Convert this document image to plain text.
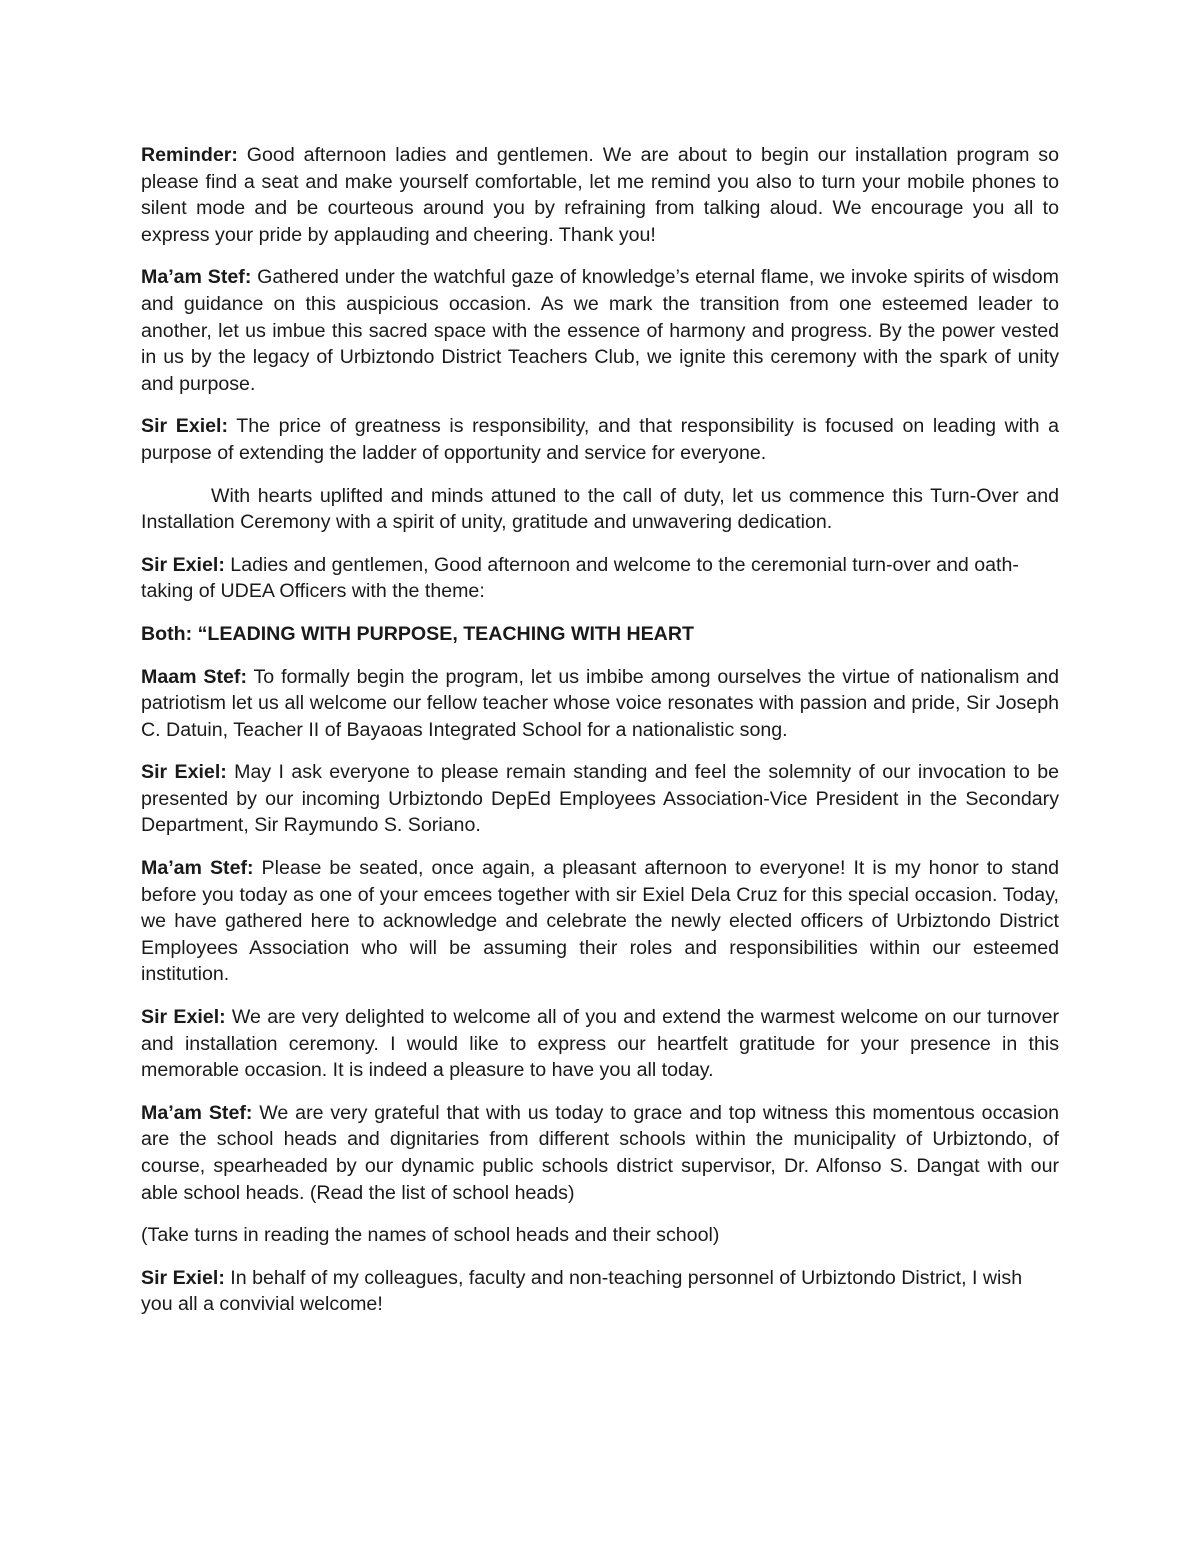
Reminder: Good afternoon ladies and gentlemen. We are about to begin our installation program so please find a seat and make yourself comfortable, let me remind you also to turn your mobile phones to silent mode and be courteous around you by refraining from talking aloud. We encourage you all to express your pride by applauding and cheering. Thank you!

Ma’am Stef: Gathered under the watchful gaze of knowledge’s eternal flame, we invoke spirits of wisdom and guidance on this auspicious occasion. As we mark the transition from one esteemed leader to another, let us imbue this sacred space with the essence of harmony and progress. By the power vested in us by the legacy of Urbiztondo District Teachers Club, we ignite this ceremony with the spark of unity and purpose.

Sir Exiel: The price of greatness is responsibility, and that responsibility is focused on leading with a purpose of extending the ladder of opportunity and service for everyone.

With hearts uplifted and minds attuned to the call of duty, let us commence this Turn-Over and Installation Ceremony with a spirit of unity, gratitude and unwavering dedication.

Sir Exiel: Ladies and gentlemen, Good afternoon and welcome to the ceremonial turn-over and oath-taking of UDEA Officers with the theme:

Both: “LEADING WITH PURPOSE, TEACHING WITH HEART

Maam Stef: To formally begin the program, let us imbibe among ourselves the virtue of nationalism and patriotism let us all welcome our fellow teacher whose voice resonates with passion and pride, Sir Joseph C. Datuin, Teacher II of Bayaoas Integrated School for a nationalistic song.

Sir Exiel: May I ask everyone to please remain standing and feel the solemnity of our invocation to be presented by our incoming Urbiztondo DepEd Employees Association-Vice President in the Secondary Department, Sir Raymundo S. Soriano.

Ma’am Stef: Please be seated, once again, a pleasant afternoon to everyone! It is my honor to stand before you today as one of your emcees together with sir Exiel Dela Cruz for this special occasion. Today, we have gathered here to acknowledge and celebrate the newly elected officers of Urbiztondo District Employees Association who will be assuming their roles and responsibilities within our esteemed institution.

Sir Exiel: We are very delighted to welcome all of you and extend the warmest welcome on our turnover and installation ceremony. I would like to express our heartfelt gratitude for your presence in this memorable occasion. It is indeed a pleasure to have you all today.

Ma’am Stef: We are very grateful that with us today to grace and top witness this momentous occasion are the school heads and dignitaries from different schools within the municipality of Urbiztondo, of course, spearheaded by our dynamic public schools district supervisor, Dr. Alfonso S. Dangat with our able school heads. (Read the list of school heads)

(Take turns in reading the names of school heads and their school)

Sir Exiel: In behalf of my colleagues, faculty and non-teaching personnel of Urbiztondo District, I wish you all a convivial welcome!
